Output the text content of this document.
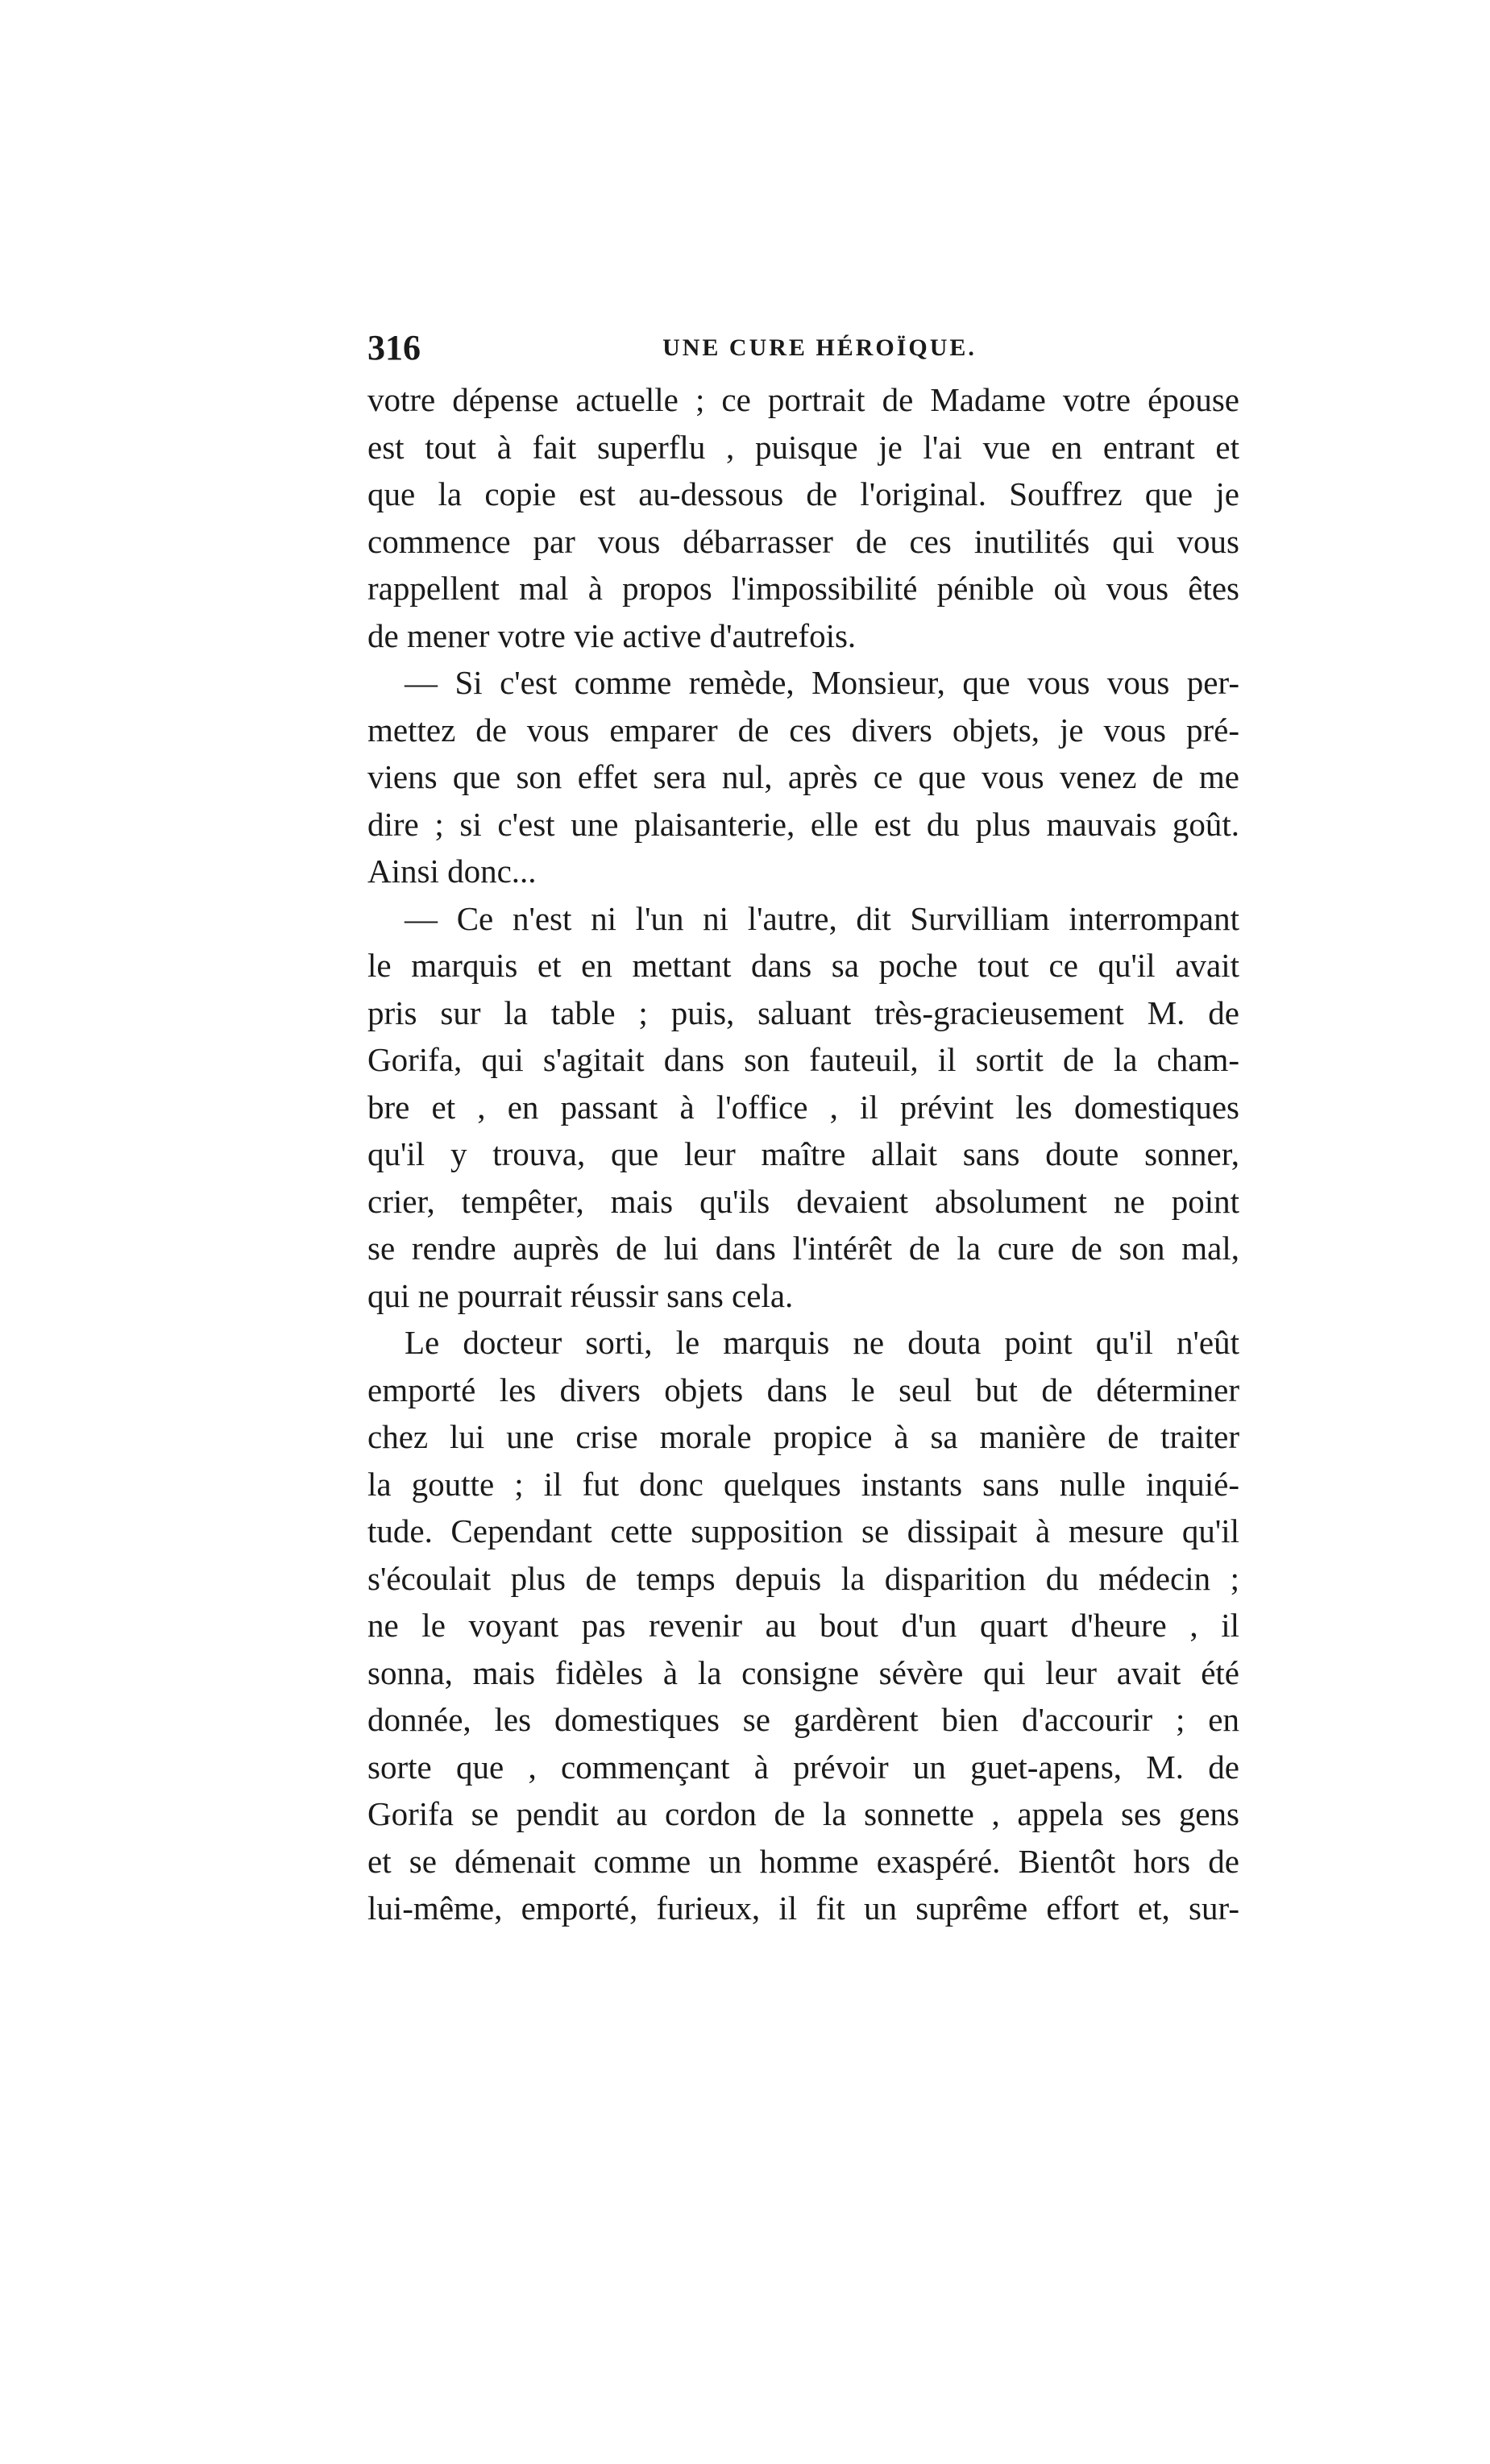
316	UNE CURE HÉROÏQUE.
votre dépense actuelle ; ce portrait de Madame votre épouse
est tout à fait superflu , puisque je l'ai vue en entrant et
que la copie est au-dessous de l'original. Souffrez que je
commence par vous débarrasser de ces inutilités qui vous
rappellent mal à propos l'impossibilité pénible où vous êtes
de mener votre vie active d'autrefois.
— Si c'est comme remède, Monsieur, que vous vous per-
mettez de vous emparer de ces divers objets, je vous pré-
viens que son effet sera nul, après ce que vous venez de me
dire ; si c'est une plaisanterie, elle est du plus mauvais goût.
Ainsi donc...
— Ce n'est ni l'un ni l'autre, dit Survilliam interrompant
le marquis et en mettant dans sa poche tout ce qu'il avait
pris sur la table ; puis, saluant très-gracieusement M. de
Gorifa, qui s'agitait dans son fauteuil, il sortit de la cham-
bre et , en passant à l'office , il prévint les domestiques
qu'il y trouva, que leur maître allait sans doute sonner,
crier, tempêter, mais qu'ils devaient absolument ne point
se rendre auprès de lui dans l'intérêt de la cure de son mal,
qui ne pourrait réussir sans cela.
Le docteur sorti, le marquis ne douta point qu'il n'eût
emporté les divers objets dans le seul but de déterminer
chez lui une crise morale propice à sa manière de traiter
la goutte ; il fut donc quelques instants sans nulle inquié-
tude. Cependant cette supposition se dissipait à mesure qu'il
s'écoulait plus de temps depuis la disparition du médecin ;
ne le voyant pas revenir au bout d'un quart d'heure , il
sonna, mais fidèles à la consigne sévère qui leur avait été
donnée, les domestiques se gardèrent bien d'accourir ; en
sorte que , commençant à prévoir un guet-apens, M. de
Gorifa se pendit au cordon de la sonnette , appela ses gens
et se démenait comme un homme exaspéré. Bientôt hors de
lui-même, emporté, furieux, il fit un suprême effort et, sur-
